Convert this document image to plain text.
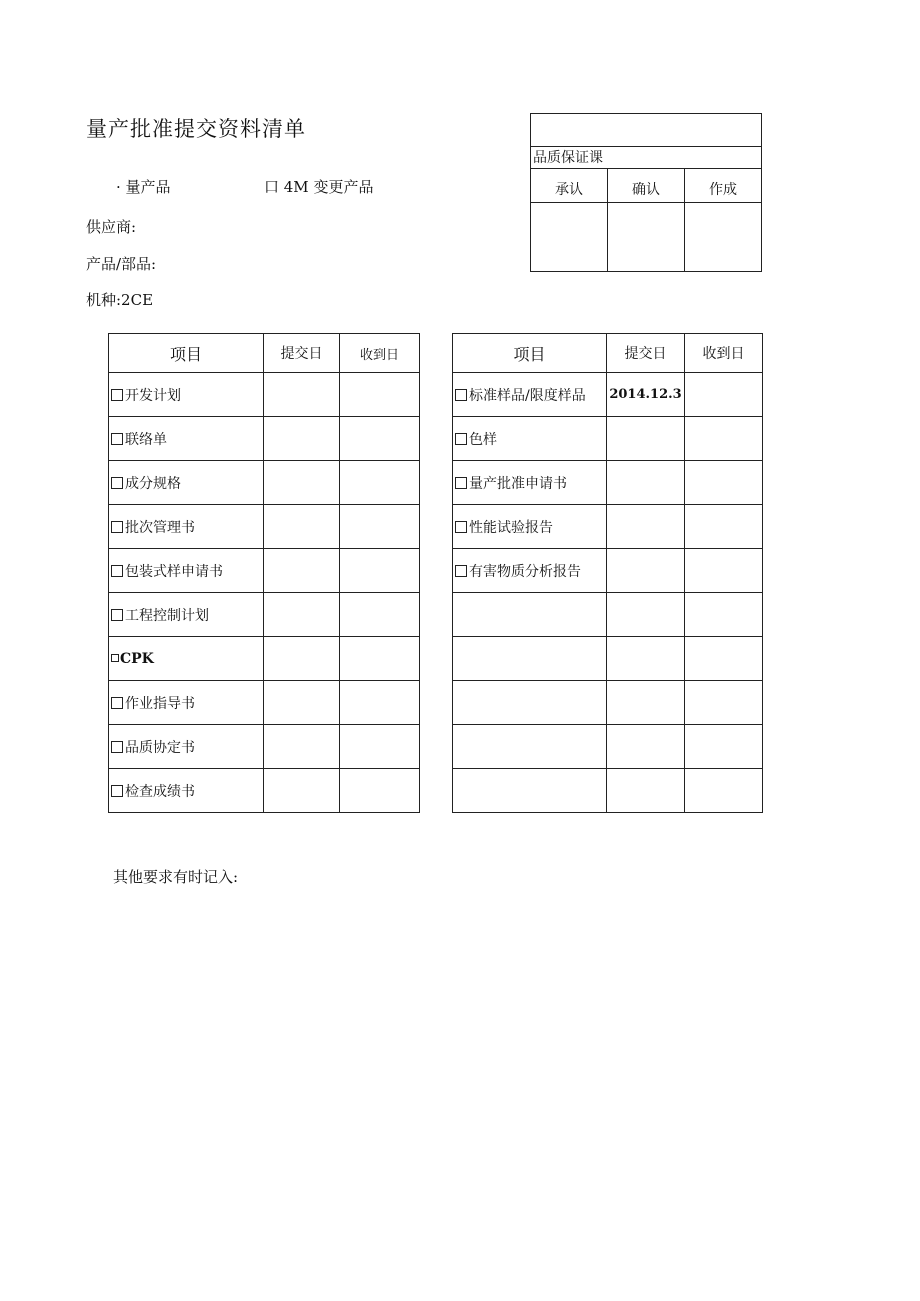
量产批准提交资料清单
· 量产品	口 4M 变更产品
供应商:
产品/部品:
机种:2CE
品质保证课
承认	确认	作成
项目	提交日	收到日
开发计划		
联络单		
成分规格		
批次管理书		
包装式样申请书		
工程控制计划		
CPK		
作业指导书		
品质协定书		
检查成绩书		
项目	提交日	收到日
标准样品/限度样品	2014.12.3	
色样		
量产批准申请书		
性能试验报告		
有害物质分析报告		

其他要求有时记入:
